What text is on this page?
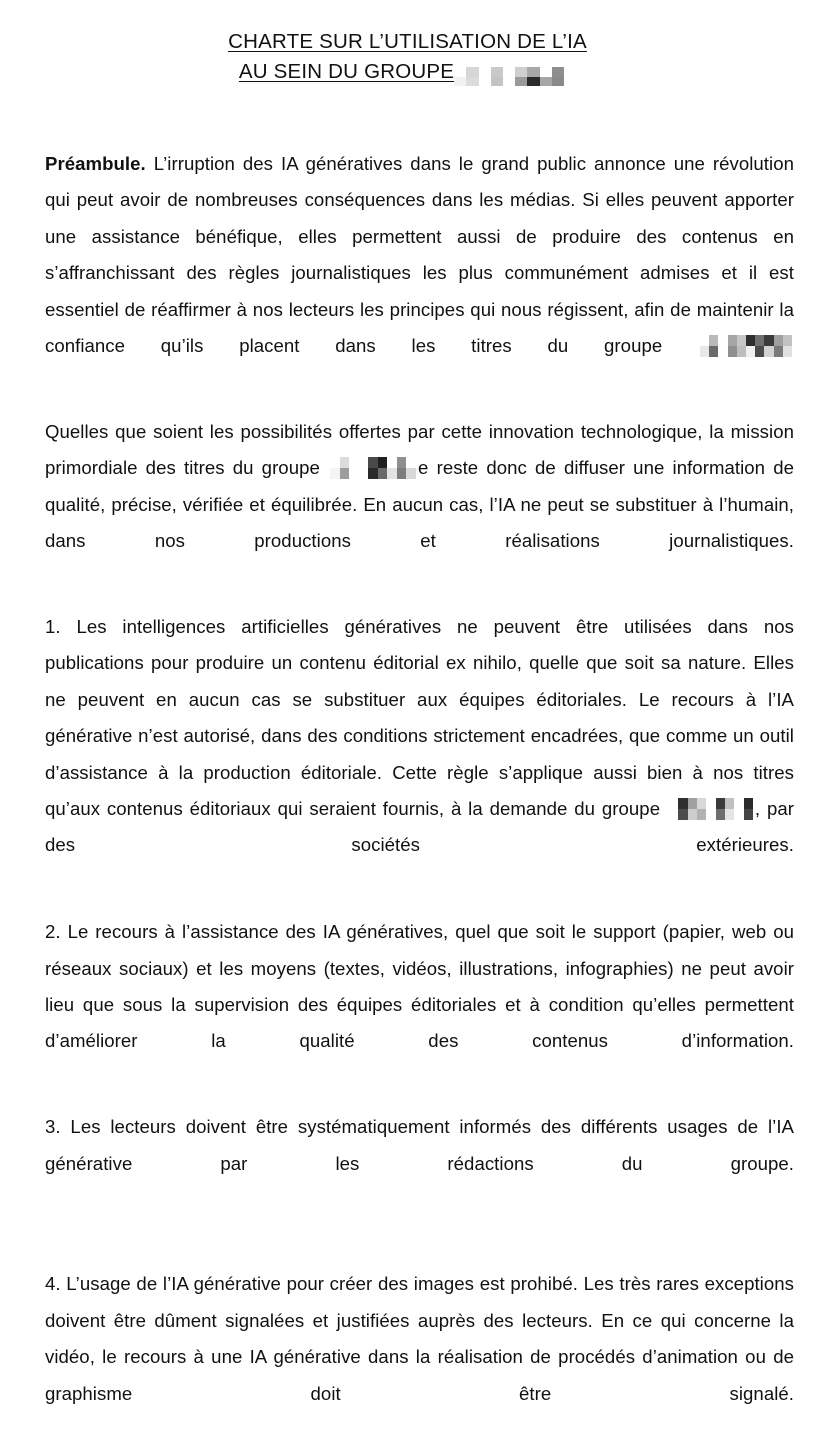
CHARTE SUR L’UTILISATION DE L’IA
AU SEIN DU GROUPE

Préambule. L’irruption des IA génératives dans le grand public annonce une révolution qui peut avoir de nombreuses conséquences dans les médias. Si elles peuvent apporter une assistance bénéfique, elles permettent aussi de produire des contenus en s’affranchissant des règles journalistiques les plus communément admises et il est essentiel de réaffirmer à nos lecteurs les principes qui nous régissent, afin de maintenir la confiance qu’ils placent dans les titres du groupe

Quelles que soient les possibilités offertes par cette innovation technologique, la mission primordiale des titres du groupe	e reste donc de diffuser une information de qualité, précise, vérifiée et équilibrée. En aucun cas, l’IA ne peut se substituer à l’humain, dans nos productions et réalisations journalistiques.

1. Les intelligences artificielles génératives ne peuvent être utilisées dans nos publications pour produire un contenu éditorial ex nihilo, quelle que soit sa nature. Elles ne peuvent en aucun cas se substituer aux équipes éditoriales. Le recours à l’IA générative n’est autorisé, dans des conditions strictement encadrées, que comme un outil d’assistance à la production éditoriale. Cette règle s’applique aussi bien à nos titres qu’aux contenus éditoriaux qui seraient fournis, à la demande du groupe	, par des sociétés extérieures.

2. Le recours à l’assistance des IA génératives, quel que soit le support (papier, web ou réseaux sociaux) et les moyens (textes, vidéos, illustrations, infographies) ne peut avoir lieu que sous la supervision des équipes éditoriales et à condition qu’elles permettent d’améliorer la qualité des contenus d’information.

3. Les lecteurs doivent être systématiquement informés des différents usages de l’IA générative par les rédactions du groupe.

4. L’usage de l’IA générative pour créer des images est prohibé. Les très rares exceptions doivent être dûment signalées et justifiées auprès des lecteurs. En ce qui concerne la vidéo, le recours à une IA générative dans la réalisation de procédés d’animation ou de graphisme doit être signalé.
